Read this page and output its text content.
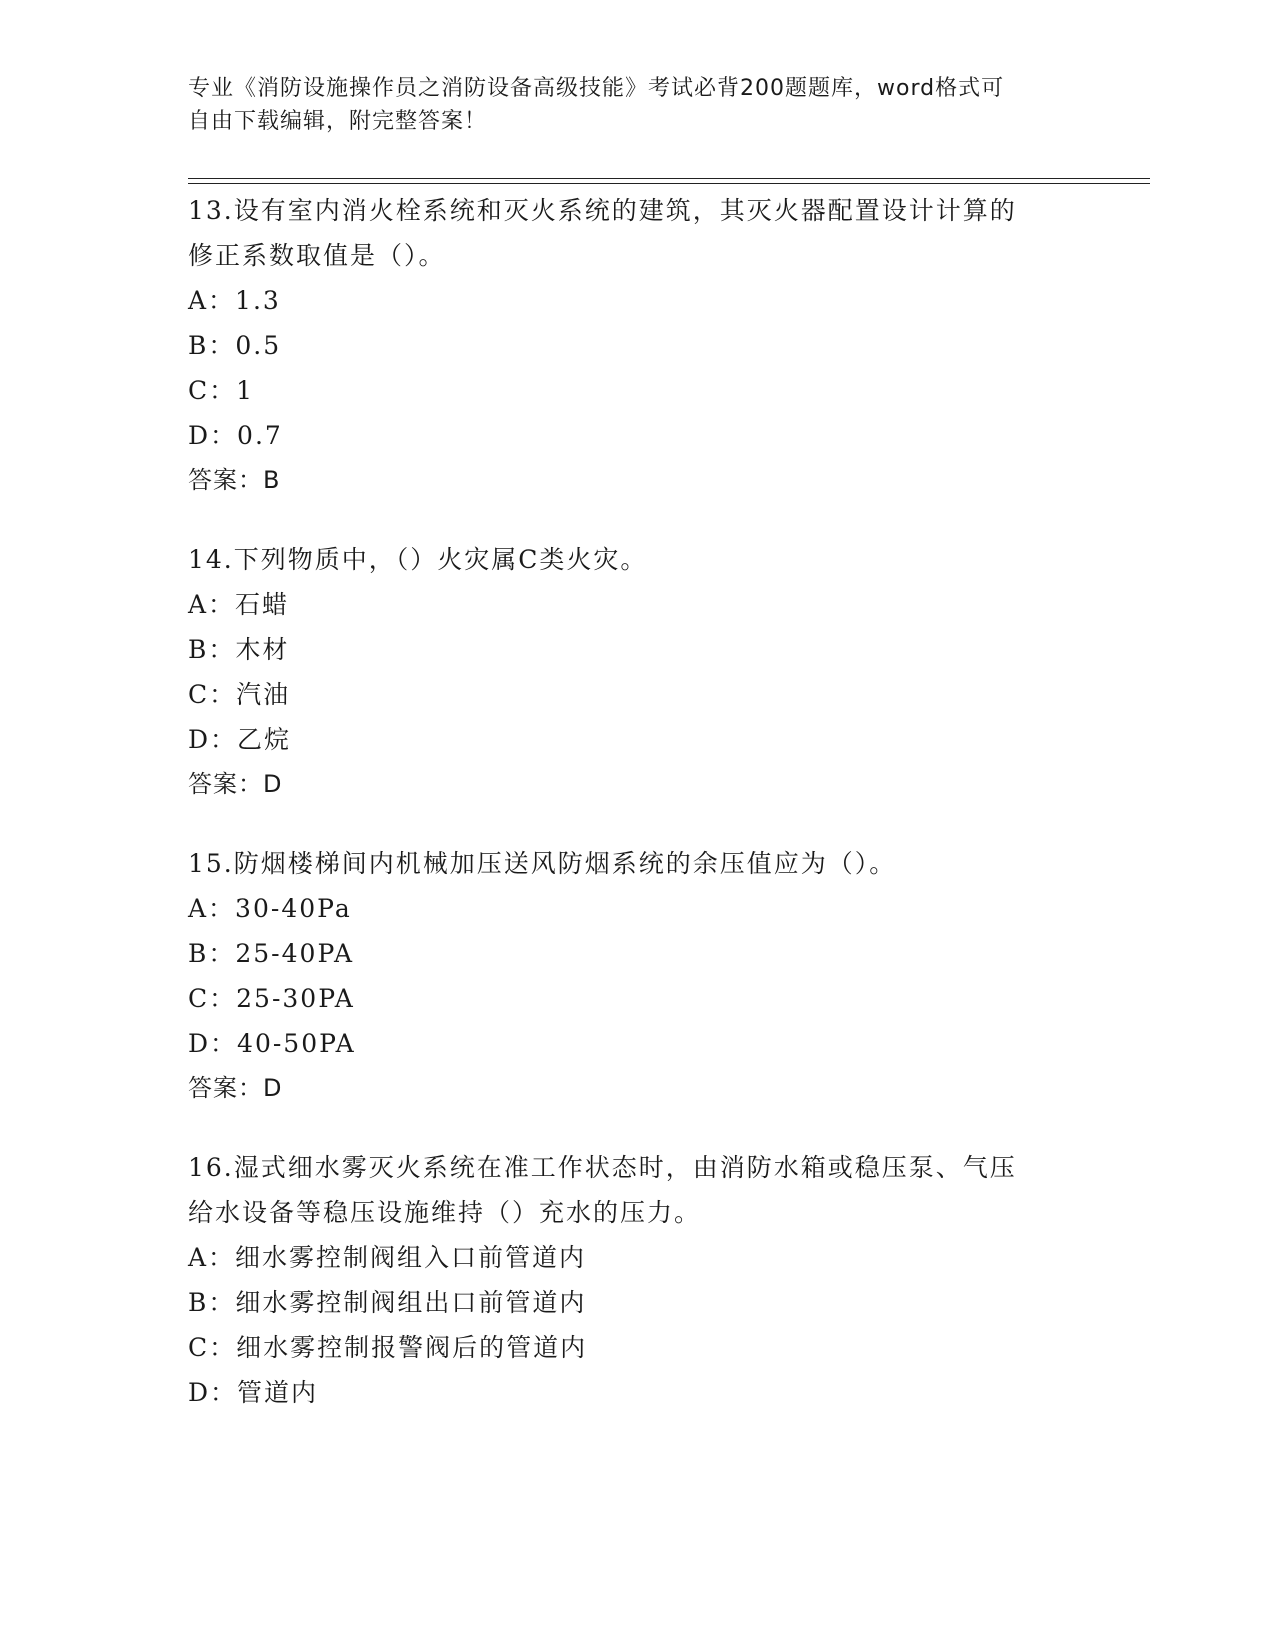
专业《消防设施操作员之消防设备高级技能》考试必背200题题库，word格式可
自由下载编辑，附完整答案！
13.设有室内消火栓系统和灭火系统的建筑，其灭火器配置设计计算的
修正系数取值是（）。
A：1.3
B：0.5
C：1
D：0.7
答案：B
14.下列物质中，（）火灾属C类火灾。
A：石蜡
B：木材
C：汽油
D：乙烷
答案：D
15.防烟楼梯间内机械加压送风防烟系统的余压值应为（）。
A：30-40Pa
B：25-40PA
C：25-30PA
D：40-50PA
答案：D
16.湿式细水雾灭火系统在准工作状态时，由消防水箱或稳压泵、气压
给水设备等稳压设施维持（）充水的压力。
A：细水雾控制阀组入口前管道内
B：细水雾控制阀组出口前管道内
C：细水雾控制报警阀后的管道内
D：管道内
